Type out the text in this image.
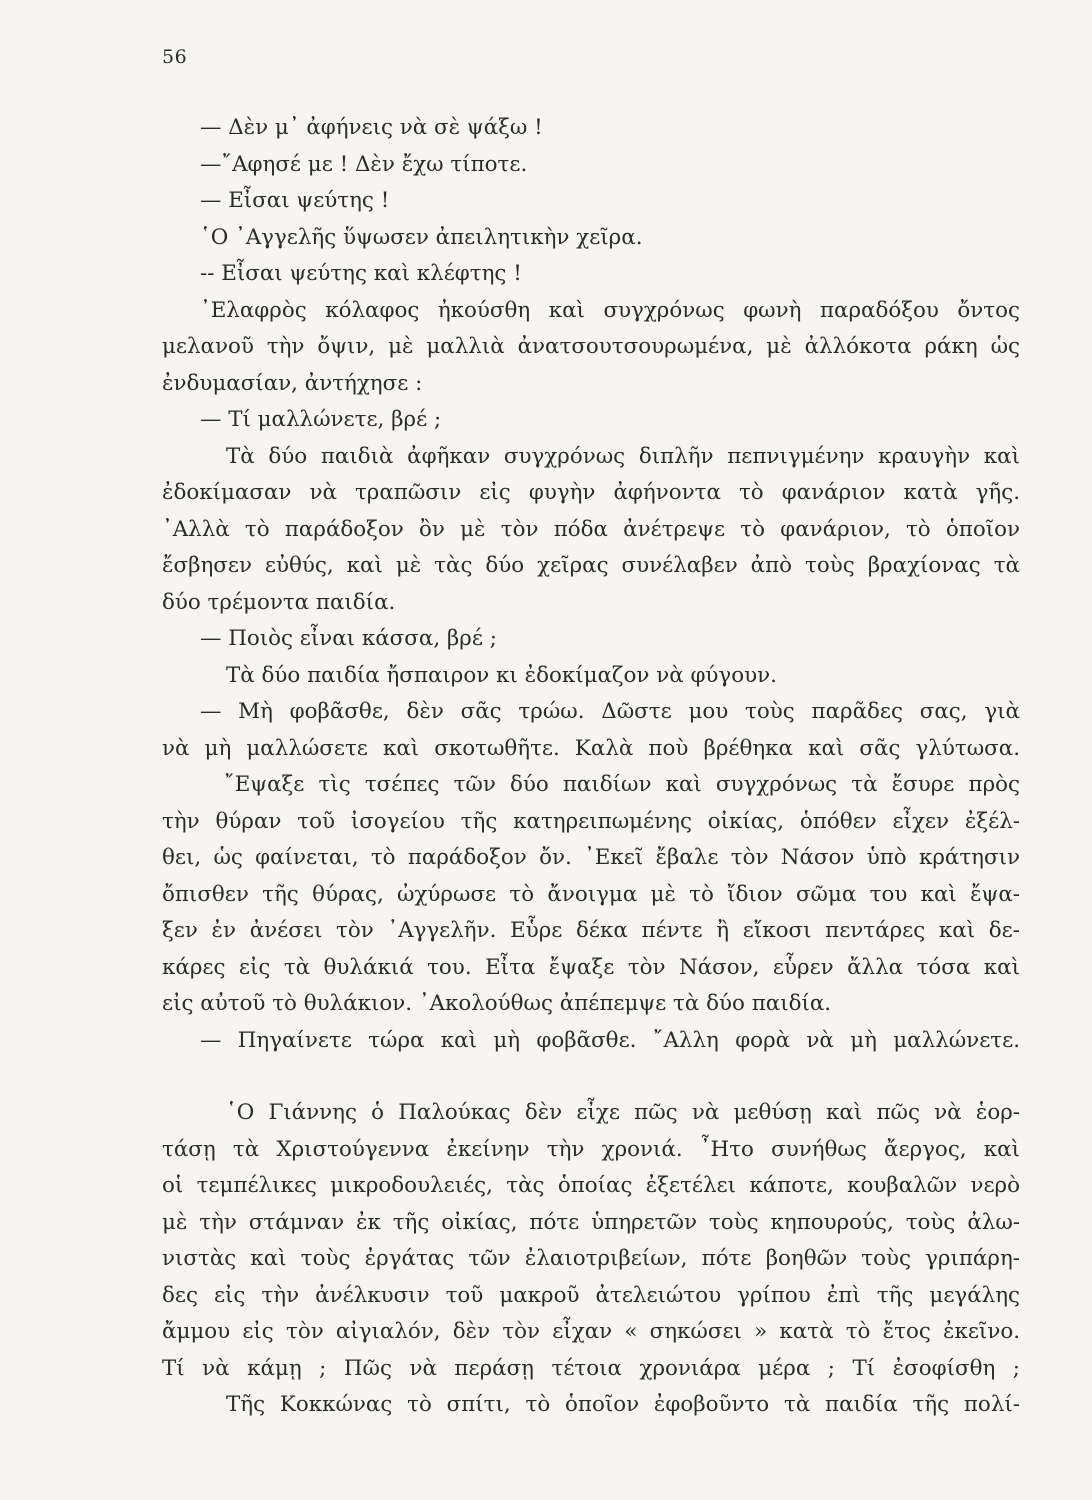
56
— Δὲν μ᾿ ἀφήνεις νὰ σὲ ψάξω !
—῎Αφησέ με ! Δὲν ἔχω τίποτε.
— Εἶσαι ψεύτης !
῾Ο ᾿Αγγελῆς ὕψωσεν ἀπειλητικὴν χεῖρα.
-- Εἶσαι ψεύτης καὶ κλέφτης !
᾿Ελαφρὸς κόλαφος ἠκούσθη καὶ συγχρόνως φωνὴ παραδόξου ὄντος
μελανοῦ τὴν ὄψιν, μὲ μαλλιὰ ἀνατσουτσουρωμένα, μὲ ἀλλόκοτα ράκη ὡς
ἐνδυμασίαν, ἀντήχησε :
— Τί μαλλώνετε, βρέ ;
Τὰ δύο παιδιὰ ἀφῆκαν συγχρόνως διπλῆν πεπνιγμένην κραυγὴν καὶ
ἐδοκίμασαν νὰ τραπῶσιν εἰς φυγὴν ἀφήνοντα τὸ φανάριον κατὰ γῆς.
᾿Αλλὰ τὸ παράδοξον ὂν μὲ τὸν πόδα ἀνέτρεψε τὸ φανάριον, τὸ ὁποῖον
ἔσβησεν εὐθύς, καὶ μὲ τὰς δύο χεῖρας συνέλαβεν ἀπὸ τοὺς βραχίονας τὰ
δύο τρέμοντα παιδία.
— Ποιὸς εἶναι κάσσα, βρέ ;
Τὰ δύο παιδία ἤσπαιρον κι ἐδοκίμαζον νὰ φύγουν.
— Μὴ φοβᾶσθε, δὲν σᾶς τρώω. Δῶστε μου τοὺς παρᾶδες σας, γιὰ
νὰ μὴ μαλλώσετε καὶ σκοτωθῆτε. Καλὰ ποὺ βρέθηκα καὶ σᾶς γλύτωσα.
῎Εψαξε τὶς τσέπες τῶν δύο παιδίων καὶ συγχρόνως τὰ ἔσυρε πρὸς
τὴν θύραν τοῦ ἰσογείου τῆς κατηρειπωμένης οἰκίας, ὁπόθεν εἶχεν ἐξέλ-
θει, ὡς φαίνεται, τὸ παράδοξον ὄν. ᾿Εκεῖ ἔβαλε τὸν Νάσον ὑπὸ κράτησιν
ὄπισθεν τῆς θύρας, ὠχύρωσε τὸ ἄνοιγμα μὲ τὸ ἴδιον σῶμα του καὶ ἔψα-
ξεν ἐν ἀνέσει τὸν ᾿Αγγελῆν. Εὗρε δέκα πέντε ἢ εἴκοσι πεντάρες καὶ δε-
κάρες εἰς τὰ θυλάκιά του. Εἶτα ἔψαξε τὸν Νάσον, εὗρεν ἄλλα τόσα καὶ
εἰς αὐτοῦ τὸ θυλάκιον. ᾿Ακολούθως ἀπέπεμψε τὰ δύο παιδία.
— Πηγαίνετε τώρα καὶ μὴ φοβᾶσθε. ῎Αλλη φορὰ νὰ μὴ μαλλώνετε.
῾Ο Γιάννης ὁ Παλούκας δὲν εἶχε πῶς νὰ μεθύσῃ καὶ πῶς νὰ ἑορ-
τάσῃ τὰ Χριστούγεννα ἐκείνην τὴν χρονιά. ῏Ητο συνήθως ἄεργος, καὶ
οἱ τεμπέλικες μικροδουλειές, τὰς ὁποίας ἐξετέλει κάποτε, κουβαλῶν νερὸ
μὲ τὴν στάμναν ἐκ τῆς οἰκίας, πότε ὑπηρετῶν τοὺς κηπουρούς, τοὺς ἀλω-
νιστὰς καὶ τοὺς ἐργάτας τῶν ἐλαιοτριβείων, πότε βοηθῶν τοὺς γριπάρη-
δες εἰς τὴν ἀνέλκυσιν τοῦ μακροῦ ἀτελειώτου γρίπου ἐπὶ τῆς μεγάλης
ἄμμου εἰς τὸν αἰγιαλόν, δὲν τὸν εἶχαν « σηκώσει » κατὰ τὸ ἔτος ἐκεῖνο.
Τί νὰ κάμῃ ; Πῶς νὰ περάσῃ τέτοια χρονιάρα μέρα ; Τί ἐσοφίσθη ;
Τῆς Κοκκώνας τὸ σπίτι, τὸ ὁποῖον ἐφοβοῦντο τὰ παιδία τῆς πολί-
